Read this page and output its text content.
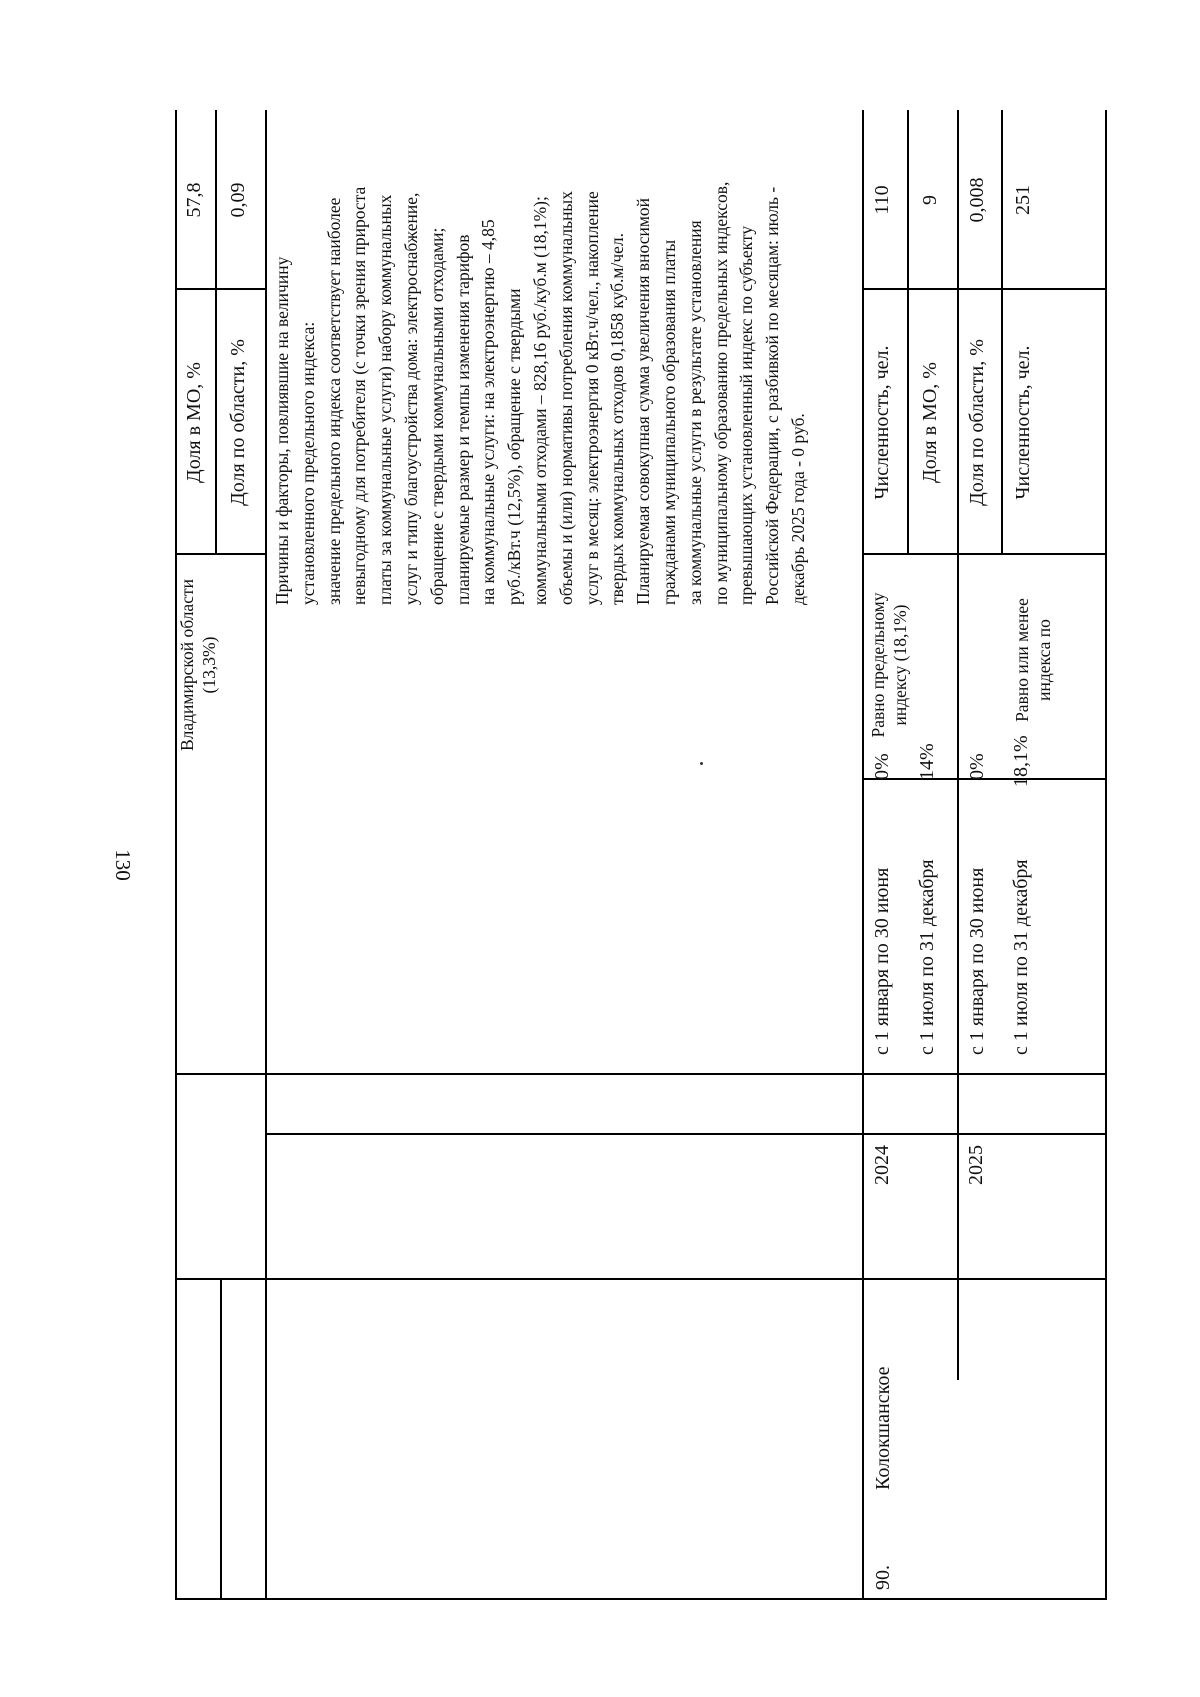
130
Владимирской области (13,3%)
Доля в МО, %
57,8
Доля по области, %
0,09
Причины и факторы, повлиявшие на величину установленного предельного индекса: значение предельного индекса соответствует наиболее невыгодному для потребителя (с точки зрения прироста платы за коммунальные услуги) набору коммунальных услуг и типу благоустройства дома: электроснабжение, обращение с твердыми коммунальными отходами; планируемые размер и темпы изменения тарифов на коммунальные услуги: на электроэнергию – 4,85 руб./кВт.ч (12,5%), обращение с твердыми коммунальными отходами – 828,16 руб./куб.м (18,1%); объемы и (или) нормативы потребления коммунальных услуг в месяц: электроэнергия 0 кВт.ч/чел., накопление твердых коммунальных отходов 0,1858 куб.м/чел. Планируемая совокупная сумма увеличения вносимой гражданами муниципального образования платы за коммунальные услуги в результате установления по муниципальному образованию предельных индексов, превышающих установленный индекс по субъекту Российской Федерации, с разбивкой по месяцам: июль - декабрь 2025 года - 0 руб.
90.
Колокшанское
2024	2025
с 1 января по 30 июня с 1 июля по 31 декабря с 1 января по 30 июня с 1 июля по 31 декабря
0% 14% 0% 18,1%
Равно предельному индексу (18,1%)	Равно или менее индекса по
Численность, чел.
110
Доля в МО, %
9
Доля по области, %
0,008
Численность, чел.
251
